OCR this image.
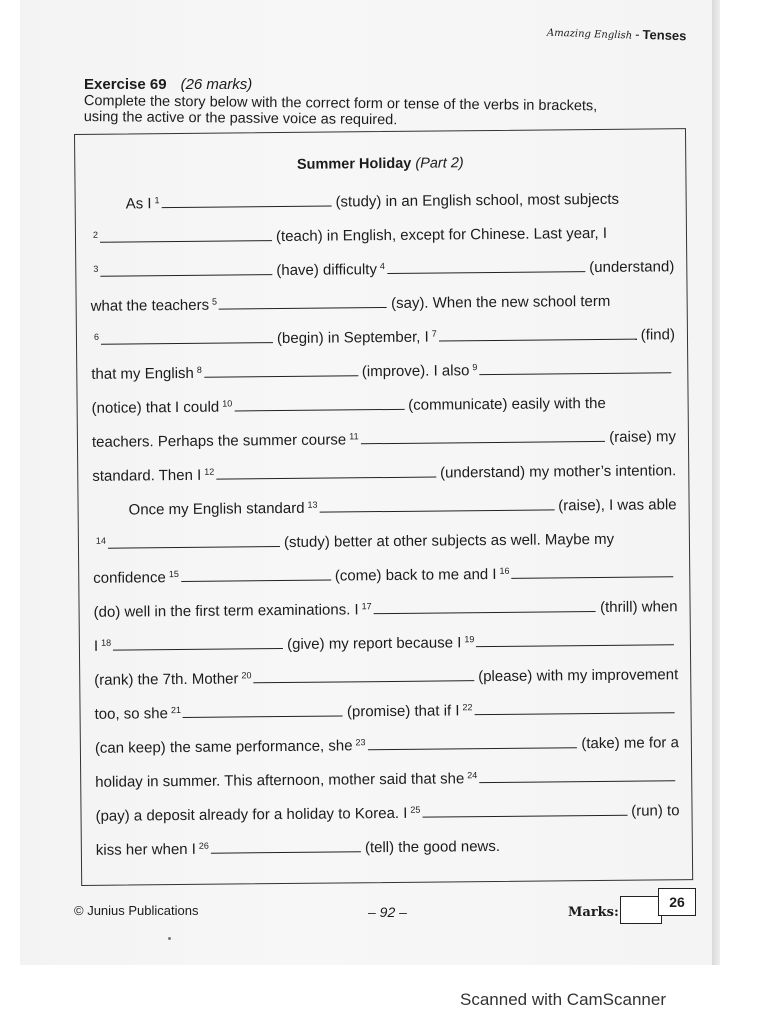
Amazing English - Tenses
Exercise 69 (26 marks)
Complete the story below with the correct form or tense of the verbs in brackets,
using the active or the passive voice as required.
Summer Holiday (Part 2)
As I 1	(study) in an English school, most subjects
2	(teach) in English, except for Chinese. Last year, I
3	(have) difficulty 4	(understand)
what the teachers 5	(say). When the new school term
6	(begin) in September, I 7	(find)
that my English 8	(improve). I also 9
(notice) that I could 10	(communicate) easily with the
teachers. Perhaps the summer course 11	(raise) my
standard. Then I 12	(understand) my mother’s intention.
Once my English standard 13	(raise), I was able
14	(study) better at other subjects as well. Maybe my
confidence 15	(come) back to me and I 16
(do) well in the first term examinations. I 17	(thrill) when
I 18	(give) my report because I 19
(rank) the 7th. Mother 20	(please) with my improvement
too, so she 21	(promise) that if I 22
(can keep) the same performance, she 23	(take) me for a
holiday in summer. This afternoon, mother said that she 24
(pay) a deposit already for a holiday to Korea. I 25	(run) to
kiss her when I 26	(tell) the good news.
© Junius Publications	– 92 –	Marks:
26
Scanned with CamScanner
